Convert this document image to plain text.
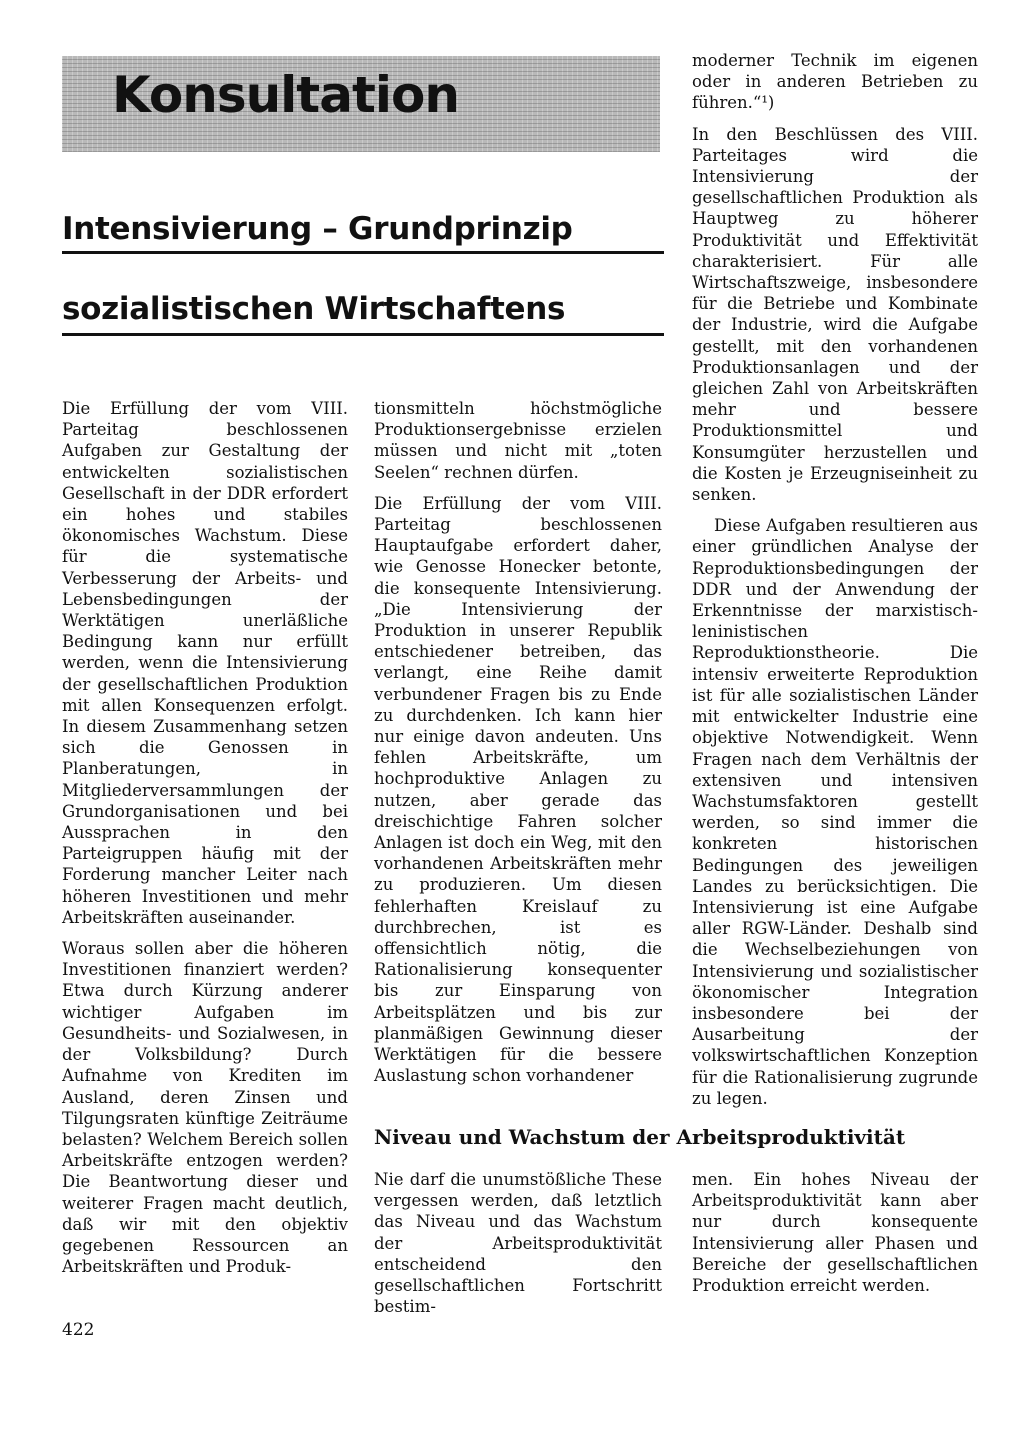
Konsultation
Intensivierung – Grundprinzip
sozialistischen Wirtschaftens

Die Erfüllung der vom VIII. Parteitag beschlossenen Aufgaben zur Gestaltung der entwickelten sozialistischen Gesellschaft in der DDR erfordert ein hohes und stabiles ökonomisches Wachstum. Diese für die systematische Verbesserung der Arbeits- und Lebensbedingungen der Werktätigen unerläßliche Bedingung kann nur erfüllt werden, wenn die Intensivierung der gesellschaftlichen Produktion mit allen Konsequenzen erfolgt. In diesem Zusammenhang setzen sich die Genossen in Planberatungen, in Mitgliederversammlungen der Grundorganisationen und bei Aussprachen in den Parteigruppen häufig mit der Forderung mancher Leiter nach höheren Investitionen und mehr Arbeitskräften auseinander.

Woraus sollen aber die höheren Investitionen finanziert werden? Etwa durch Kürzung anderer wichtiger Aufgaben im Gesundheits- und Sozialwesen, in der Volksbildung? Durch Aufnahme von Krediten im Ausland, deren Zinsen und Tilgungsraten künftige Zeiträume belasten? Welchem Bereich sollen Arbeitskräfte entzogen werden? Die Beantwortung dieser und weiterer Fragen macht deutlich, daß wir mit den objektiv gegebenen Ressourcen an Arbeitskräften und Produk-

tionsmitteln höchstmögliche Produktionsergebnisse erzielen müssen und nicht mit „toten Seelen“ rechnen dürfen.

Die Erfüllung der vom VIII. Parteitag beschlossenen Hauptaufgabe erfordert daher, wie Genosse Honecker betonte, die konsequente Intensivierung. „Die Intensivierung der Produktion in unserer Republik entschiedener betreiben, das verlangt, eine Reihe damit verbundener Fragen bis zu Ende zu durchdenken. Ich kann hier nur einige davon andeuten. Uns fehlen Arbeitskräfte, um hochproduktive Anlagen zu nutzen, aber gerade das dreischichtige Fahren solcher Anlagen ist doch ein Weg, mit den vorhandenen Arbeitskräften mehr zu produzieren. Um diesen fehlerhaften Kreislauf zu durchbrechen, ist es offensichtlich nötig, die Rationalisierung konsequenter bis zur Einsparung von Arbeitsplätzen und bis zur planmäßigen Gewinnung dieser Werktätigen für die bessere Auslastung schon vorhandener

moderner Technik im eigenen oder in anderen Betrieben zu führen.“¹)

In den Beschlüssen des VIII. Parteitages wird die Intensivierung der gesellschaftlichen Produktion als Hauptweg zu höherer Produktivität und Effektivität charakterisiert. Für alle Wirtschaftszweige, insbesondere für die Betriebe und Kombinate der Industrie, wird die Aufgabe gestellt, mit den vorhandenen Produktionsanlagen und der gleichen Zahl von Arbeitskräften mehr und bessere Produktionsmittel und Konsumgüter herzustellen und die Kosten je Erzeugniseinheit zu senken.

Diese Aufgaben resultieren aus einer gründlichen Analyse der Reproduktionsbedingungen der DDR und der Anwendung der Erkenntnisse der marxistisch-leninistischen Reproduktionstheorie. Die intensiv erweiterte Reproduktion ist für alle sozialistischen Länder mit entwickelter Industrie eine objektive Notwendigkeit. Wenn Fragen nach dem Verhältnis der extensiven und intensiven Wachstumsfaktoren gestellt werden, so sind immer die konkreten historischen Bedingungen des jeweiligen Landes zu berücksichtigen. Die Intensivierung ist eine Aufgabe aller RGW-Länder. Deshalb sind die Wechselbeziehungen von Intensivierung und sozialistischer ökonomischer Integration insbesondere bei der Ausarbeitung der volkswirtschaftlichen Konzeption für die Rationalisierung zugrunde zu legen.

Niveau und Wachstum der Arbeitsproduktivität

Nie darf die unumstößliche These vergessen werden, daß letztlich das Niveau und das Wachstum der Arbeitsproduktivität entscheidend den gesellschaftlichen Fortschritt bestim-

men. Ein hohes Niveau der Arbeitsproduktivität kann aber nur durch konsequente Intensivierung aller Phasen und Bereiche der gesellschaftlichen Produktion erreicht werden.

422
